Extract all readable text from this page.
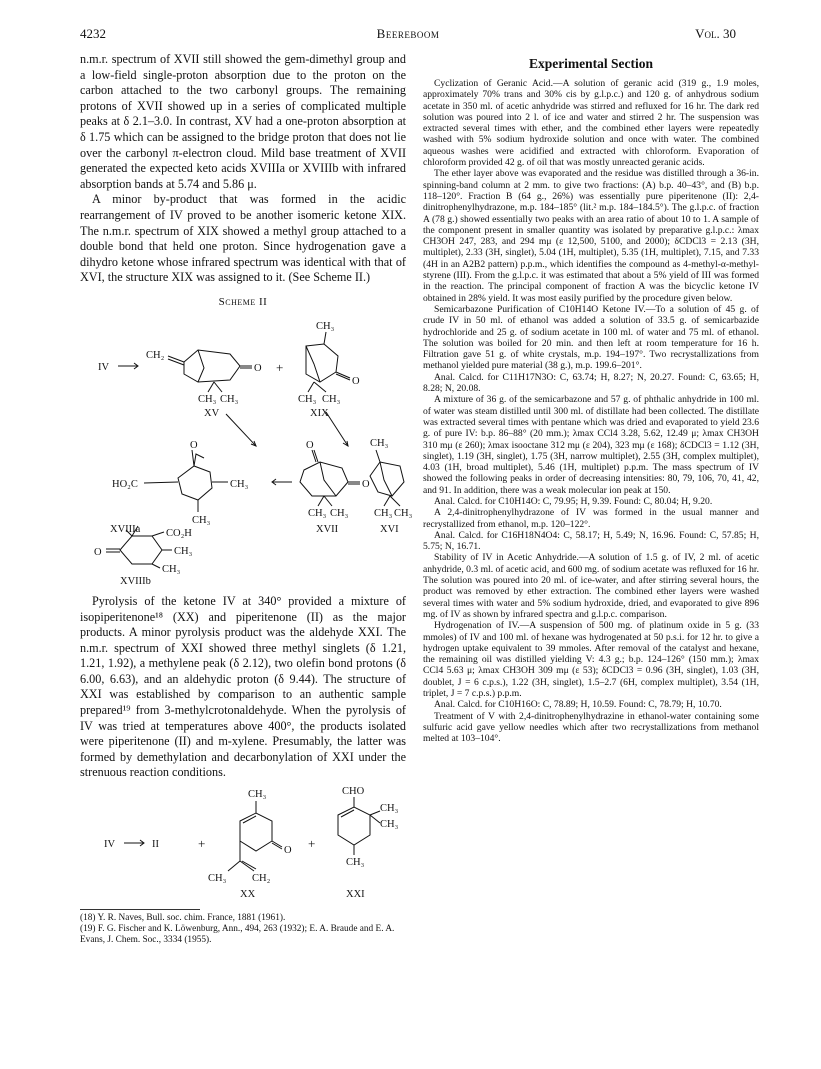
4232	Beereboom	Vol. 30

n.m.r. spectrum of XVII still showed the gem-dimethyl group and a low-field single-proton absorption due to the proton on the carbon attached to the two carbonyl groups. The remaining protons of XVII showed up in a series of complicated multiple peaks at δ 2.1–3.0. In contrast, XV had a one-proton absorption at δ 1.75 which can be assigned to the bridge proton that does not lie over the carbonyl π-electron cloud. Mild base treatment of XVII generated the expected keto acids XVIIIa or XVIIIb with infrared absorption bands at 5.74 and 5.86 μ.

A minor by-product that was formed in the acidic rearrangement of IV proved to be another isomeric ketone XIX. The n.m.r. spectrum of XIX showed a methyl group attached to a double bond that held one proton. Since hydrogenation gave a dihydro ketone whose infrared spectrum was identical with that of XVI, the structure XIX was assigned to it. (See Scheme II.)

Scheme II
IV
CH₂
O
CH₃ CH₃
+
CH₃
O
CH₃ CH₃
XV	XIX
O
HO₂C	CH₃
CH₃
O
O
CH₃ CH₃
CH₃
CH₃ CH₃
XVIIIa	XVII	XVI
O
CO₂H
CH₃
CH₃
XVIIIb

Pyrolysis of the ketone IV at 340° provided a mixture of isopiperitenone¹⁸ (XX) and piperitenone (II) as the major products. A minor pyrolysis product was the aldehyde XXI. The n.m.r. spectrum of XXI showed three methyl singlets (δ 1.21, 1.21, 1.92), a methylene peak (δ 2.12), two olefin bond protons (δ 6.00, 6.63), and an aldehydic proton (δ 9.44). The structure of XXI was established by comparison to an authentic sample prepared¹⁹ from 3-methylcrotonaldehyde. When the pyrolysis of IV was tried at temperatures above 400°, the products isolated were piperitenone (II) and m-xylene. Presumably, the latter was formed by demethylation and decarbonylation of XXI under the strenuous reaction conditions.

IV	II	+
CH₃
O
CH₃ CH₂
+
CHO
CH₃
CH₃
CH₃
XX	XXI

(18) Y. R. Naves, Bull. soc. chim. France, 1881 (1961).

(19) F. G. Fischer and K. Löwenburg, Ann., 494, 263 (1932); E. A. Braude and E. A. Evans, J. Chem. Soc., 3334 (1955).

Experimental Section

Cyclization of Geranic Acid.—A solution of geranic acid (319 g., 1.9 moles, approximately 70% trans and 30% cis by g.l.p.c.) and 120 g. of anhydrous sodium acetate in 350 ml. of acetic anhydride was stirred and refluxed for 16 hr. The dark red solution was poured into 2 l. of ice and water and stirred 2 hr. The suspension was extracted several times with ether, and the combined ether layers were repeatedly washed with 5% sodium hydroxide solution and once with water. The combined aqueous washes were acidified and extracted with chloroform. Evaporation of chloroform provided 42 g. of oil that was mostly unreacted geranic acids.

The ether layer above was evaporated and the residue was distilled through a 36-in. spinning-band column at 2 mm. to give two fractions: (A) b.p. 40–43°, and (B) b.p. 118–120°. Fraction B (64 g., 26%) was essentially pure piperitenone (II): 2,4-dinitrophenylhydrazone, m.p. 184–185° (lit.² m.p. 184–184.5°). The g.l.p.c. of fraction A (78 g.) showed essentially two peaks with an area ratio of about 10 to 1. A sample of the component present in smaller quantity was isolated by preparative g.l.p.c.: λmax CH3OH 247, 283, and 294 mμ (ε 12,500, 5100, and 2000); δCDCl3 = 2.13 (3H, multiplet), 2.33 (3H, singlet), 5.04 (1H, multiplet), 5.35 (1H, multiplet), 7.15, and 7.33 (4H in an A2B2 pattern) p.p.m., which identifies the compound as 4-methyl-α-methyl-styrene (III). From the g.l.p.c. it was estimated that about a 5% yield of III was formed in the reaction. The principal component of fraction A was the bicyclic ketone IV obtained in 28% yield. It was most easily purified by the procedure given below.

Semicarbazone Purification of C10H14O Ketone IV.—To a solution of 45 g. of crude IV in 50 ml. of ethanol was added a solution of 33.5 g. of semicarbazide hydrochloride and 25 g. of sodium acetate in 100 ml. of water and 75 ml. of ethanol. The solution was boiled for 20 min. and then left at room temperature for 16 h. Filtration gave 51 g. of white crystals, m.p. 194–197°. Two recrystallizations from methanol yielded pure material (38 g.), m.p. 199.6–201°.

Anal. Calcd. for C11H17N3O: C, 63.74; H, 8.27; N, 20.27. Found: C, 63.65; H, 8.28; N, 20.08.

A mixture of 36 g. of the semicarbazone and 57 g. of phthalic anhydride in 100 ml. of water was steam distilled until 300 ml. of distillate had been collected. The distillate was extracted several times with pentane which was dried and evaporated to yield 23.6 g. of pure IV: b.p. 86–88° (20 mm.); λmax CCl4 3.28, 5.62, 12.49 μ; λmax CH3OH 310 mμ (ε 260); λmax isooctane 312 mμ (ε 204), 323 mμ (ε 168); δCDCl3 = 1.12 (3H, singlet), 1.19 (3H, singlet), 1.75 (3H, narrow multiplet), 2.55 (3H, complex multiplet), 4.03 (1H, broad multiplet), 5.46 (1H, multiplet) p.p.m. The mass spectrum of IV showed the following peaks in order of decreasing intensities: 80, 79, 106, 70, 41, 42, and 91. In addition, there was a weak molecular ion peak at 150.

Anal. Calcd. for C10H14O: C, 79.95; H, 9.39. Found: C, 80.04; H, 9.20.

A 2,4-dinitrophenylhydrazone of IV was formed in the usual manner and recrystallized from ethanol, m.p. 120–122°.

Anal. Calcd. for C16H18N4O4: C, 58.17; H, 5.49; N, 16.96. Found: C, 57.85; H, 5.75; N, 16.71.

Stability of IV in Acetic Anhydride.—A solution of 1.5 g. of IV, 2 ml. of acetic anhydride, 0.3 ml. of acetic acid, and 600 mg. of sodium acetate was refluxed for 16 hr. The solution was poured into 20 ml. of ice-water, and after stirring several hours, the product was removed by ether extraction. The combined ether layers were washed several times with water and 5% sodium hydroxide, dried, and evaporated to give 896 mg. of IV as shown by infrared spectra and g.l.p.c. comparison.

Hydrogenation of IV.—A suspension of 500 mg. of platinum oxide in 5 g. (33 mmoles) of IV and 100 ml. of hexane was hydrogenated at 50 p.s.i. for 12 hr. to give a hydrogen uptake equivalent to 39 mmoles. After removal of the catalyst and hexane, the remaining oil was distilled yielding V: 4.3 g.; b.p. 124–126° (150 mm.); λmax CCl4 5.63 μ; λmax CH3OH 309 mμ (ε 53); δCDCl3 = 0.96 (3H, singlet), 1.03 (3H, doublet, J = 6 c.p.s.), 1.22 (3H, singlet), 1.5–2.7 (6H, complex multiplet), 3.54 (1H, triplet, J = 7 c.p.s.) p.p.m.

Anal. Calcd. for C10H16O: C, 78.89; H, 10.59. Found: C, 78.79; H, 10.70.

Treatment of V with 2,4-dinitrophenylhydrazine in ethanol-water containing some sulfuric acid gave yellow needles which after two recrystallizations from methanol melted at 103–104°.
